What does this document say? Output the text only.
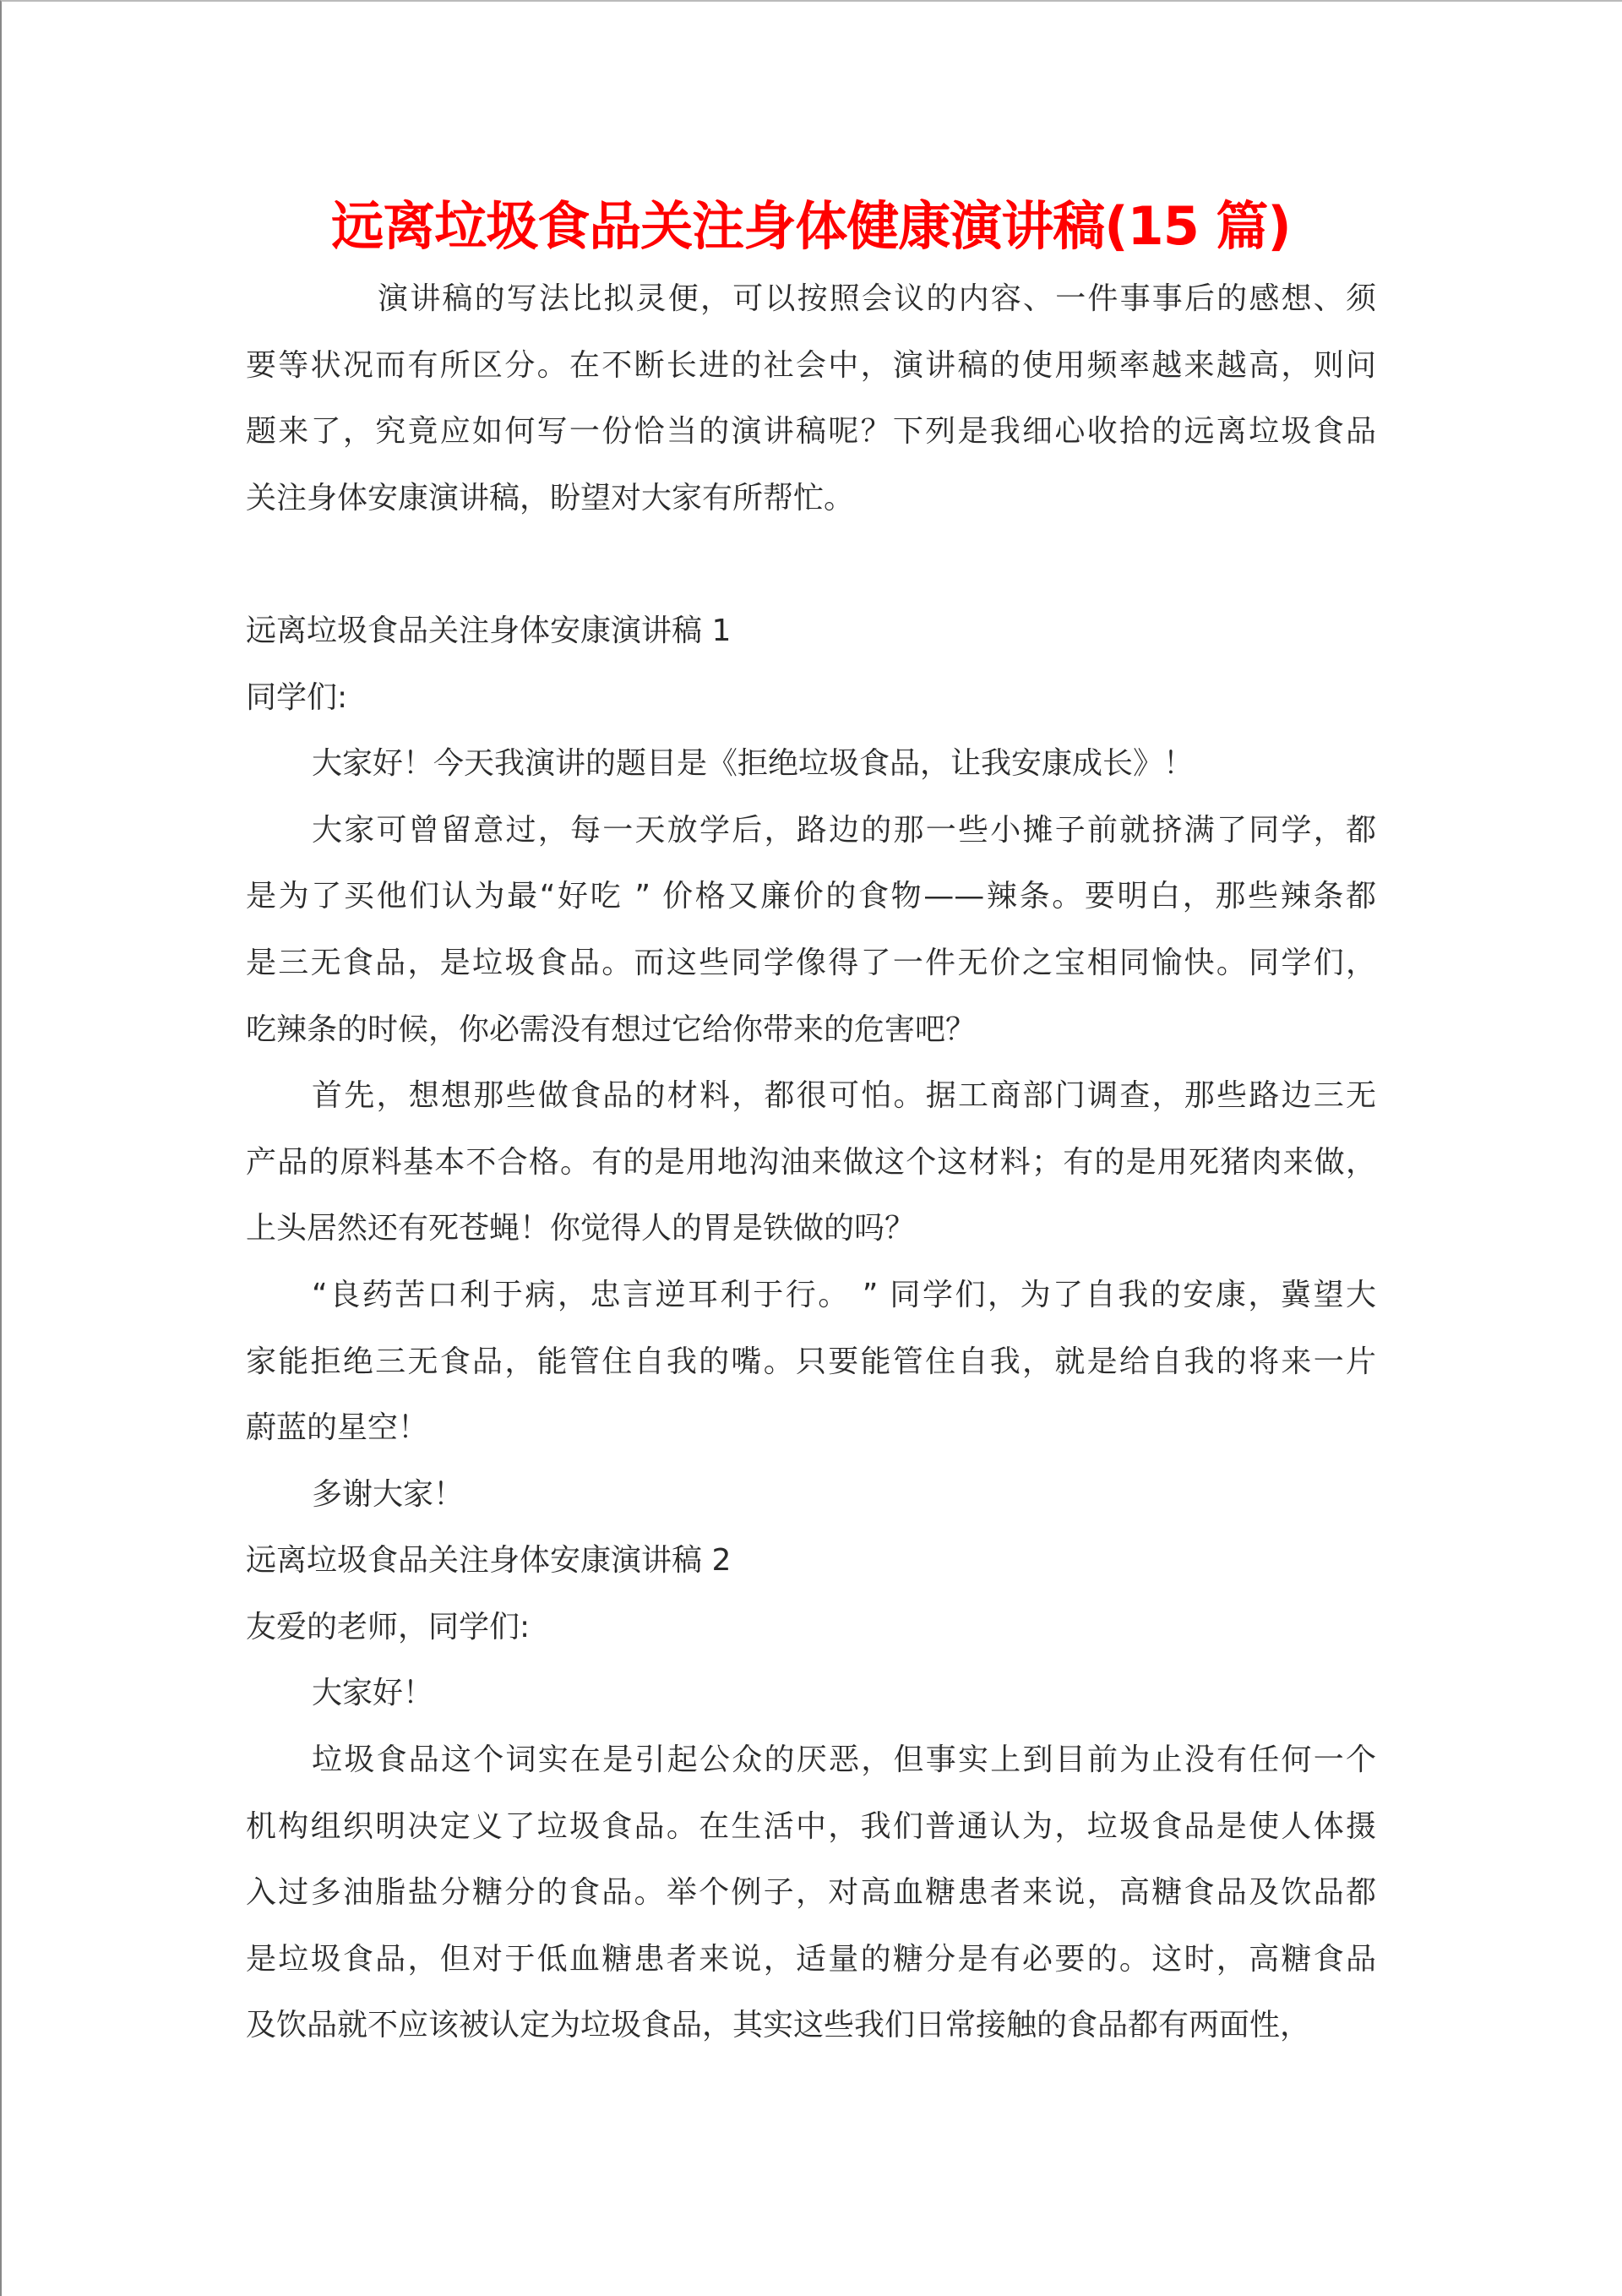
远离垃圾食品关注身体健康演讲稿(15 篇)
演讲稿的写法比拟灵便，可以按照会议的内容、一件事事后的感想、须
要等状况而有所区分。在不断长进的社会中，演讲稿的使用频率越来越高，则问
题来了，究竟应如何写一份恰当的演讲稿呢？下列是我细心收拾的远离垃圾食品
关注身体安康演讲稿，盼望对大家有所帮忙。
远离垃圾食品关注身体安康演讲稿 1
同学们:
大家好！今天我演讲的题目是《拒绝垃圾食品，让我安康成长》！
大家可曾留意过，每一天放学后，路边的那一些小摊子前就挤满了同学，都
是为了买他们认为最“好吃 ” 价格又廉价的食物——辣条。要明白，那些辣条都
是三无食品，是垃圾食品。而这些同学像得了一件无价之宝相同愉快。同学们，
吃辣条的时候，你必需没有想过它给你带来的危害吧？
首先，想想那些做食品的材料，都很可怕。据工商部门调查，那些路边三无
产品的原料基本不合格。有的是用地沟油来做这个这材料；有的是用死猪肉来做，
上头居然还有死苍蝇！你觉得人的胃是铁做的吗？
“良药苦口利于病，忠言逆耳利于行。 ” 同学们，为了自我的安康，冀望大
家能拒绝三无食品，能管住自我的嘴。只要能管住自我，就是给自我的将来一片
蔚蓝的星空！
多谢大家！
远离垃圾食品关注身体安康演讲稿 2
友爱的老师，同学们:
大家好！
垃圾食品这个词实在是引起公众的厌恶，但事实上到目前为止没有任何一个
机构组织明决定义了垃圾食品。在生活中，我们普通认为，垃圾食品是使人体摄
入过多油脂盐分糖分的食品。举个例子，对高血糖患者来说，高糖食品及饮品都
是垃圾食品，但对于低血糖患者来说，适量的糖分是有必要的。这时，高糖食品
及饮品就不应该被认定为垃圾食品，其实这些我们日常接触的食品都有两面性，
